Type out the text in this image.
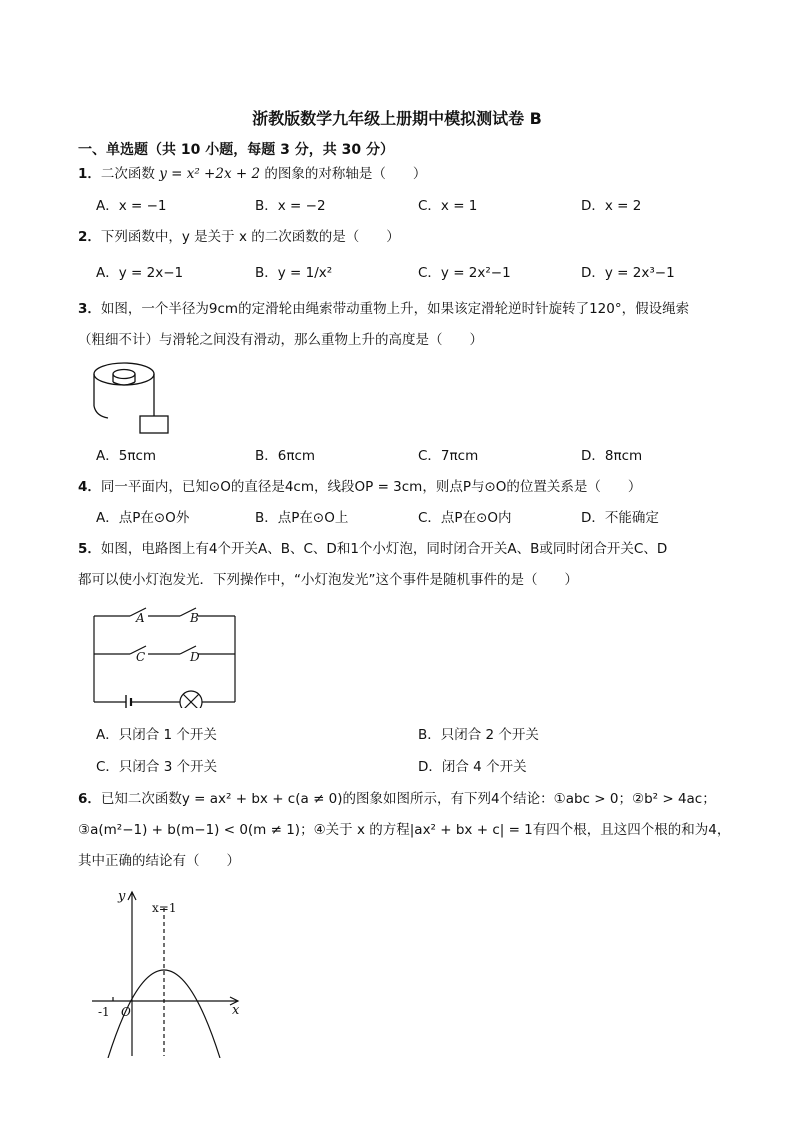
浙教版数学九年级上册期中模拟测试卷 B
一、单选题（共 10 小题，每题 3 分，共 30 分）
1．二次函数 y = x² +2x + 2 的图象的对称轴是（　　）
A．x = −1	B．x = −2	C．x = 1	D．x = 2
2．下列函数中，y 是关于 x 的二次函数的是（　　）
A．y = 2x−1	B．y = 1/x²	C．y = 2x²−1	D．y = 2x³−1
3．如图，一个半径为9cm的定滑轮由绳索带动重物上升，如果该定滑轮逆时针旋转了120°，假设绳索
（粗细不计）与滑轮之间没有滑动，那么重物上升的高度是（　　）
A．5πcm	B．6πcm	C．7πcm	D．8πcm
4．同一平面内，已知⊙O的直径是4cm，线段OP = 3cm，则点P与⊙O的位置关系是（　　）
A．点P在⊙O外	B．点P在⊙O上	C．点P在⊙O内	D．不能确定
5．如图，电路图上有4个开关A、B、C、D和1个小灯泡，同时闭合开关A、B或同时闭合开关C、D
都可以使小灯泡发光．下列操作中，“小灯泡发光”这个事件是随机事件的是（　　）
A	B
C	D
A．只闭合 1 个开关	B．只闭合 2 个开关
C．只闭合 3 个开关	D．闭合 4 个开关
6．已知二次函数y = ax² + bx + c(a ≠ 0)的图象如图所示，有下列4个结论：①abc > 0；②b² > 4ac；
③a(m²−1) + b(m−1) < 0(m ≠ 1)；④关于 x 的方程|ax² + bx + c| = 1有四个根，且这四个根的和为4，
其中正确的结论有（　　）
y
x
x=1
-1 O
